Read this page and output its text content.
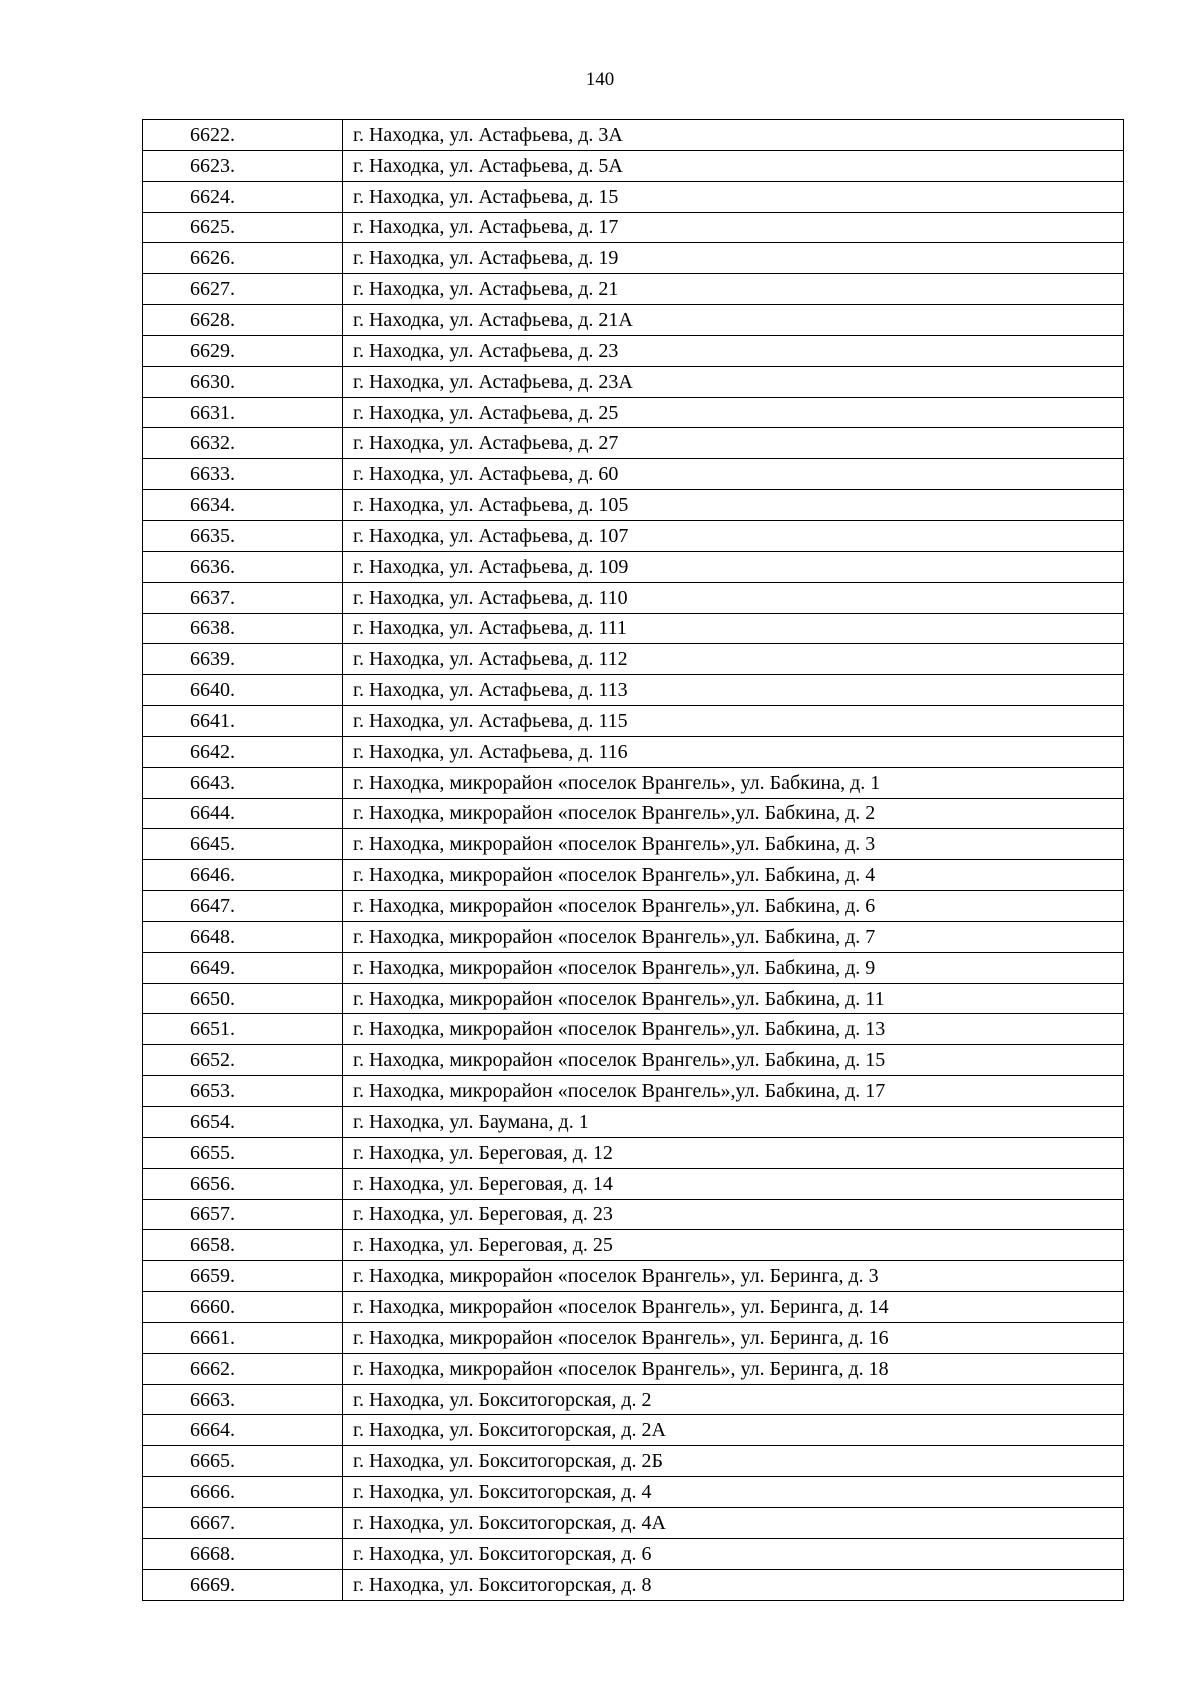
140
6622.	г. Находка, ул. Астафьева, д. 3А
6623.	г. Находка, ул. Астафьева, д. 5А
6624.	г. Находка, ул. Астафьева, д. 15
6625.	г. Находка, ул. Астафьева, д. 17
6626.	г. Находка, ул. Астафьева, д. 19
6627.	г. Находка, ул. Астафьева, д. 21
6628.	г. Находка, ул. Астафьева, д. 21А
6629.	г. Находка, ул. Астафьева, д. 23
6630.	г. Находка, ул. Астафьева, д. 23А
6631.	г. Находка, ул. Астафьева, д. 25
6632.	г. Находка, ул. Астафьева, д. 27
6633.	г. Находка, ул. Астафьева, д. 60
6634.	г. Находка, ул. Астафьева, д. 105
6635.	г. Находка, ул. Астафьева, д. 107
6636.	г. Находка, ул. Астафьева, д. 109
6637.	г. Находка, ул. Астафьева, д. 110
6638.	г. Находка, ул. Астафьева, д. 111
6639.	г. Находка, ул. Астафьева, д. 112
6640.	г. Находка, ул. Астафьева, д. 113
6641.	г. Находка, ул. Астафьева, д. 115
6642.	г. Находка, ул. Астафьева, д. 116
6643.	г. Находка, микрорайон «поселок Врангель», ул. Бабкина, д. 1
6644.	г. Находка, микрорайон «поселок Врангель»,ул. Бабкина, д. 2
6645.	г. Находка, микрорайон «поселок Врангель»,ул. Бабкина, д. 3
6646.	г. Находка, микрорайон «поселок Врангель»,ул. Бабкина, д. 4
6647.	г. Находка, микрорайон «поселок Врангель»,ул. Бабкина, д. 6
6648.	г. Находка, микрорайон «поселок Врангель»,ул. Бабкина, д. 7
6649.	г. Находка, микрорайон «поселок Врангель»,ул. Бабкина, д. 9
6650.	г. Находка, микрорайон «поселок Врангель»,ул. Бабкина, д. 11
6651.	г. Находка, микрорайон «поселок Врангель»,ул. Бабкина, д. 13
6652.	г. Находка, микрорайон «поселок Врангель»,ул. Бабкина, д. 15
6653.	г. Находка, микрорайон «поселок Врангель»,ул. Бабкина, д. 17
6654.	г. Находка, ул. Баумана, д. 1
6655.	г. Находка, ул. Береговая, д. 12
6656.	г. Находка, ул. Береговая, д. 14
6657.	г. Находка, ул. Береговая, д. 23
6658.	г. Находка, ул. Береговая, д. 25
6659.	г. Находка, микрорайон «поселок Врангель», ул. Беринга, д. 3
6660.	г. Находка, микрорайон «поселок Врангель», ул. Беринга, д. 14
6661.	г. Находка, микрорайон «поселок Врангель», ул. Беринга, д. 16
6662.	г. Находка, микрорайон «поселок Врангель», ул. Беринга, д. 18
6663.	г. Находка, ул. Бокситогорская, д. 2
6664.	г. Находка, ул. Бокситогорская, д. 2А
6665.	г. Находка, ул. Бокситогорская, д. 2Б
6666.	г. Находка, ул. Бокситогорская, д. 4
6667.	г. Находка, ул. Бокситогорская, д. 4А
6668.	г. Находка, ул. Бокситогорская, д. 6
6669.	г. Находка, ул. Бокситогорская, д. 8
